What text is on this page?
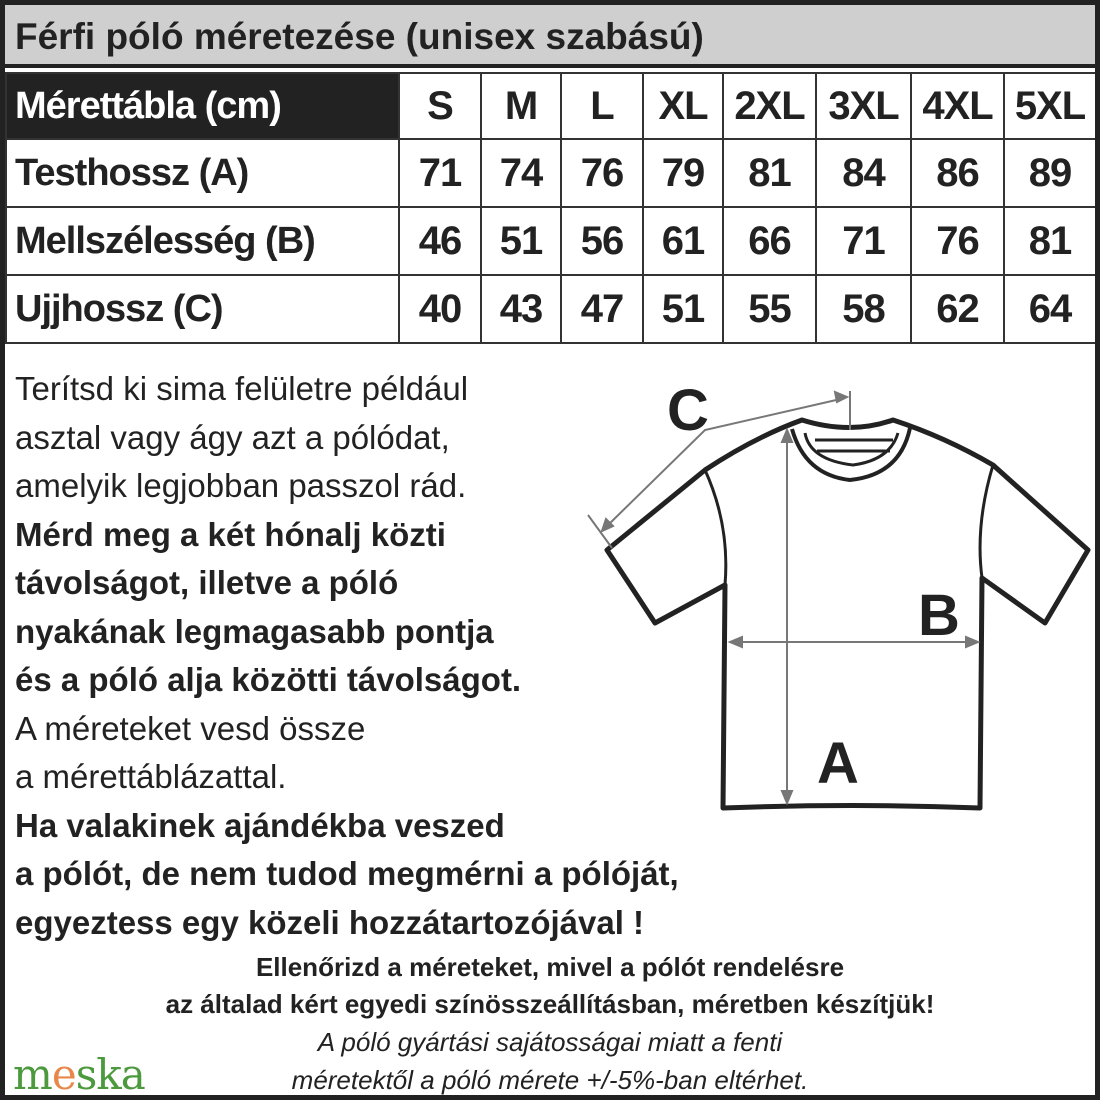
Férfi póló méretezése (unisex szabású)
Mérettábla (cm)	S	M	L	XL	2XL	3XL	4XL	5XL
Testhossz (A)	71	74	76	79	81	84	86	89
Mellszélesség (B)	46	51	56	61	66	71	76	81
Ujjhossz (C)	40	43	47	51	55	58	62	64
Terítsd ki sima felületre például
asztal vagy ágy azt a pólódat,
amelyik legjobban passzol rád.
Mérd meg a két hónalj közti
távolságot, illetve a póló
nyakának legmagasabb pontja
és a póló alja közötti távolságot.
A méreteket vesd össze
a mérettáblázattal.
Ha valakinek ajándékba veszed
a pólót, de nem tudod megmérni a pólóját,
egyeztess egy közeli hozzátartozójával !
A
B
C
Ellenőrizd a méreteket, mivel a pólót rendelésre
az általad kért egyedi színösszeállításban, méretben készítjük!
A póló gyártási sajátosságai miatt a fenti
méretektől a póló mérete +/-5%-ban eltérhet.
meska
